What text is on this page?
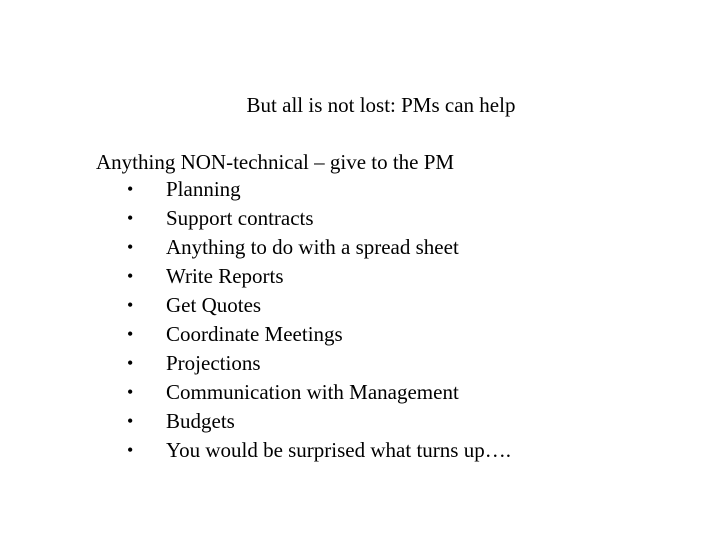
But all is not lost: PMs can help
Anything NON-technical – give to the PM
• Planning
• Support contracts
• Anything to do with a spread sheet
• Write Reports
• Get Quotes
• Coordinate Meetings
• Projections
• Communication with Management
• Budgets
• You would be surprised what turns up….
